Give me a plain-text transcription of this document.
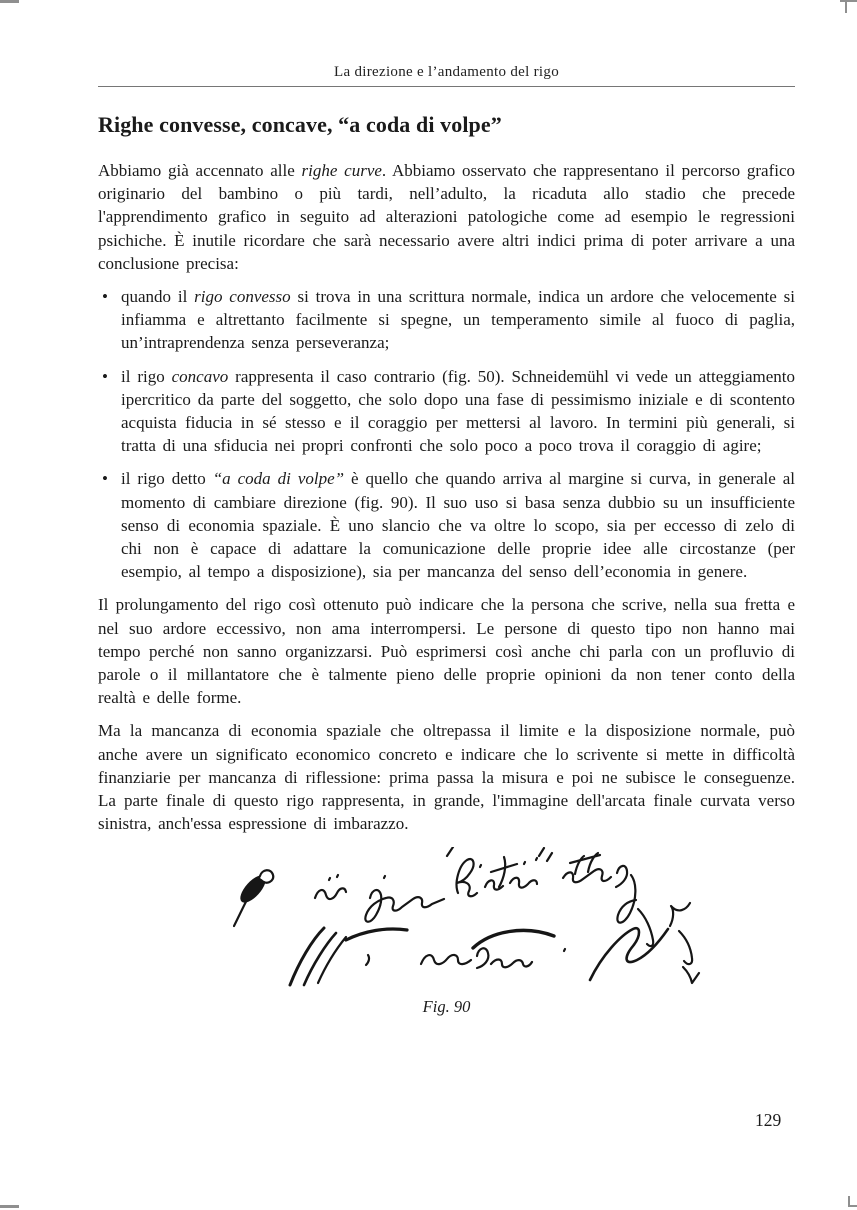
La direzione e l’andamento del rigo
Righe convesse, concave, “a coda di volpe”

Abbiamo già accennato alle righe curve. Abbiamo osservato che rappresentano il percorso grafico originario del bambino o più tardi, nell’adulto, la ricaduta allo stadio che precede l'apprendimento grafico in seguito ad alterazioni patologiche come ad esempio le regressioni psichiche. È inutile ricordare che sarà necessario avere altri indici prima di poter arrivare a una conclusione precisa:

• quando il rigo convesso si trova in una scrittura normale, indica un ardore che velocemente si infiamma e altrettanto facilmente si spegne, un temperamento simile al fuoco di paglia, un’intraprendenza senza perseveranza;
• il rigo concavo rappresenta il caso contrario (fig. 50). Schneidemühl vi vede un atteggiamento ipercritico da parte del soggetto, che solo dopo una fase di pessimismo iniziale e di scontento acquista fiducia in sé stesso e il coraggio per mettersi al lavoro. In termini più generali, si tratta di una sfiducia nei propri confronti che solo poco a poco trova il coraggio di agire;
• il rigo detto “a coda di volpe” è quello che quando arriva al margine si curva, in generale al momento di cambiare direzione (fig. 90). Il suo uso si basa senza dubbio su un insufficiente senso di economia spaziale. È uno slancio che va oltre lo scopo, sia per eccesso di zelo di chi non è capace di adattare la comunicazione delle proprie idee alle circostanze (per esempio, al tempo a disposizione), sia per mancanza del senso dell’economia in genere.

Il prolungamento del rigo così ottenuto può indicare che la persona che scrive, nella sua fretta e nel suo ardore eccessivo, non ama interrompersi. Le persone di questo tipo non hanno mai tempo perché non sanno organizzarsi. Può esprimersi così anche chi parla con un profluvio di parole o il millantatore che è talmente pieno delle proprie opinioni da non tener conto della realtà e delle forme.

Ma la mancanza di economia spaziale che oltrepassa il limite e la disposizione normale, può anche avere un significato economico concreto e indicare che lo scrivente si mette in difficoltà finanziarie per mancanza di riflessione: prima passa la misura e poi ne subisce le conseguenze. La parte finale di questo rigo rappresenta, in grande, l'immagine dell'arcata finale curvata verso sinistra, anch'essa espressione di imbarazzo.

Fig. 90
129
